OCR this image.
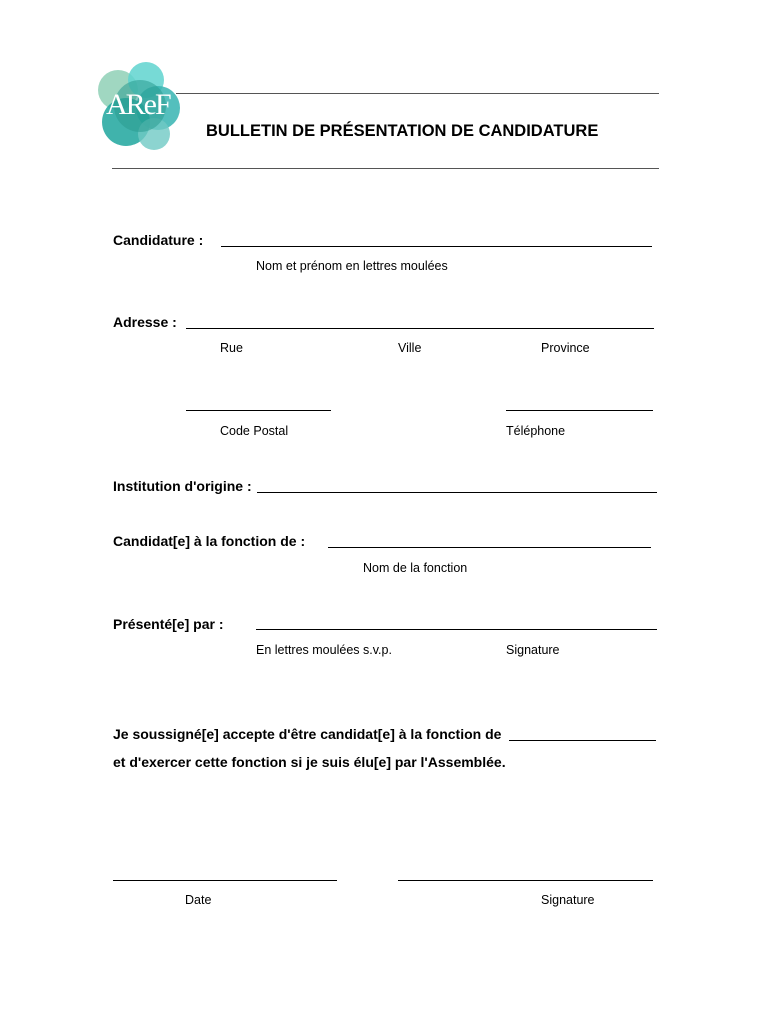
AReF
BULLETIN DE PRÉSENTATION DE CANDIDATURE
Candidature :
Nom et prénom en lettres moulées
Adresse :
Rue	Ville	Province
Code Postal	Téléphone
Institution d'origine :
Candidat[e] à la fonction de :
Nom de la fonction
Présenté[e] par :
En lettres moulées s.v.p.	Signature
Je soussigné[e] accepte d'être candidat[e] à la fonction de
et d'exercer cette fonction si je suis élu[e] par l'Assemblée.
Date	Signature
